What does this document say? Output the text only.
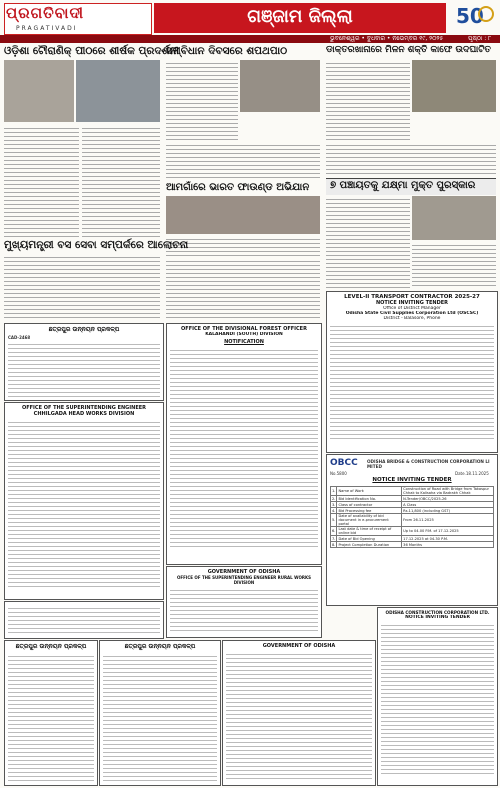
ପ୍ରଗତିବାଦୀ
PRAGATIVADI
ଗଞ୍ଜାମ ଜିଲ୍ଲା	50
ଭୁବନେଶ୍ୱର • ବୁଧବାର • ନଭେମ୍ବର ୧୯, ୨୦୨୫	ପୃଷ୍ଠା : ୮
ଓଡ଼ିଶା ଟୌରାଣିକ୍ ପୀଠରେ ଶୀର୍ଷକ ପ୍ରଦର୍ଶନୀ
ସମ୍ବିଧାନ ଦିବସରେ ଶପଥପାଠ	ଡାକ୍ତରଖାନାରେ ମିଳନ ଶକ୍ତି କାଫେ ଉଦଘାଟିତ
ଆମଗାଁରେ ଭାରତ ଫାଉଣ୍ଡ ଅଭିଯାନ ୭ ପଞ୍ଚାୟତକୁ ଯକ୍ଷ୍ମା ମୁକ୍ତ ପୁରସ୍କାର
ମୁଖ୍ୟମନ୍ତ୍ରୀ ବସ ସେବା ସମ୍ପର୍କରେ ଆଲୋଚନା
ଛତ୍ରପୁର ଉନ୍ନୟନ ପ୍ରକଳ୍ପ
CAD-2468
OFFICE OF THE SUPERINTENDING ENGINEER CHHILGADA HEAD WORKS DIVISION
OFFICE OF THE DIVISIONAL FOREST OFFICER
KALAHANDI (SOUTH) DIVISION
NOTIFICATION
LEVEL-II TRANSPORT CONTRACTOR 2025-27
NOTICE INVITING TENDER
Office of District Manager
Odisha State Civil Supplies Corporation Ltd (OSCSC)
District - Balasore, Phone
OBCC ODISHA BRIDGE & CONSTRUCTION CORPORATION LIMITED
No.5800	Date.18.11.2025
NOTICE INVITING TENDER
1.	Name of Work	Construction of Road with Bridge from Takaspur Chhak to Kalisaha via Badrakh Chhak
2.	Bid Identification No.	N-Tender/OBCC/2025-26
3.	Class of contractor	A Class
4.	Bid Processing fee	Rs.11,800 (including GST)
5.	Date of availability of bid document in e-procurement portal	From 26.11.2025
6.	Last date & time of receipt of online bid	Up to 04.00 P.M. of 17.12.2025
7.	Date of Bid Opening	17.12.2025 at 04.30 P.M.
8.	Project Completion Duration	36 Months
GOVERNMENT OF ODISHA
OFFICE OF THE SUPERINTENDING ENGINEER RURAL WORKS DIVISION
ଛତ୍ରପୁର ଉନ୍ନୟନ ପ୍ରକଳ୍ପ	ଛତ୍ରପୁର ଉନ୍ନୟନ ପ୍ରକଳ୍ପ	GOVERNMENT OF ODISHA
ODISHA CONSTRUCTION CORPORATION LTD.
NOTICE INVITING TENDER
